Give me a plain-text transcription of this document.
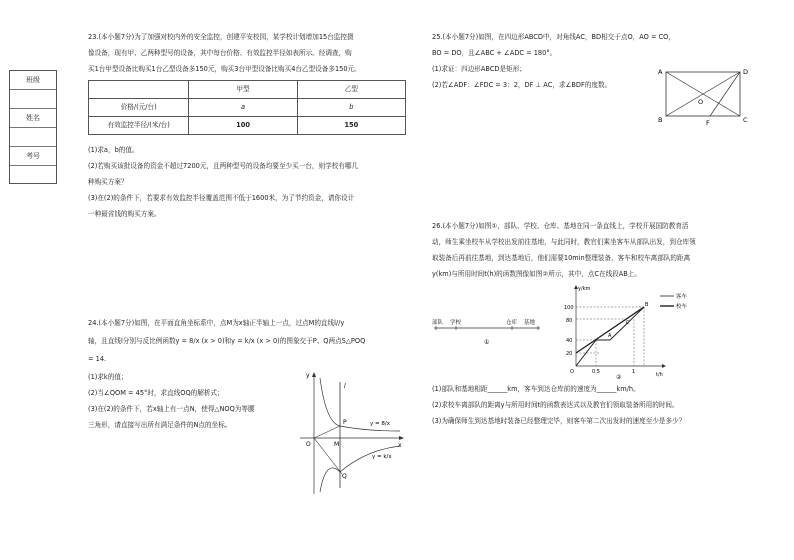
班级
姓名
考号

23.(本小题7分)为了加强对校内外的安全监控，创建平安校园，某学校计划增加15台监控摄

像设备，现有甲、乙两种型号的设备，其中每台价格、有效监控半径如表所示。经调查，购

买1台甲型设备比购买1台乙型设备多150元，购买3台甲型设备比购买4台乙型设备多150元。

	甲型	乙型
价格/(元/台)	a	b
有效监控半径/(米/台)	100	150

(1)求a，b的值。

(2)若购买该批设备的资金不超过7200元，且两种型号的设备均要至少买一台，则学校有哪几

种购买方案？

(3)在(2)的条件下，若要求有效监控半径覆盖范围不低于1600米，为了节约资金，请你设计

一种最省钱的购买方案。

24.(本小题7分)如图，在平面直角坐标系中，点M为x轴正半轴上一点，过点M的直线l//y

轴，且直线l分别与反比例函数y = 8/x (x > 0)和y = k/x (x > 0)的图象交于P、Q两点S△POQ

= 14.

(1)求k的值；

(2)当∠QOM = 45°时，求直线OQ的解析式；

(3)在(2)的条件下，若x轴上有一点N，使得△NOQ为等腰

三角形，请直接写出所有满足条件的N点的坐标。

y
x
O
l
P
Q
M
y = 8/x
y = k/x

25.(本小题7分)如图，在四边形ABCD中，对角线AC，BD相交于点O，AO = CO，

BO = DO，且∠ABC + ∠ADC = 180°。

(1)求证：四边形ABCD是矩形；

(2)若∠ADF：∠FDC = 3：2，DF ⊥ AC，求∠BDF的度数。

A
B	C
D
O
F

26.(本小题7分)如图①，部队、学校、仓库、基地在同一条直线上，学校开展国防教育活

动，师生乘坐校车从学校出发前往基地，与此同时，教官们乘坐客车从部队出发，到仓库领

取装备后再前往基地，到达基地后，他们需要10min整理装备，客车和校车离部队的距离

y(km)与所用时间t(h)的函数图像如图②所示，其中，点C在线段AB上。

部队 学校	仓库 基地
①
y/km
t/h
100
80
40
20
O	0.5	1
A
B
C
客车
校车
②

(1)部队和基地相距______km，客车到达仓库前的速度为______km/h。

(2)求校车离部队的距离y与所用时间t的函数表达式以及教官们领取装备所用的时间。

(3)为确保师生到达基地时装备已经整理完毕，则客车第二次出发时的速度至少是多少？
